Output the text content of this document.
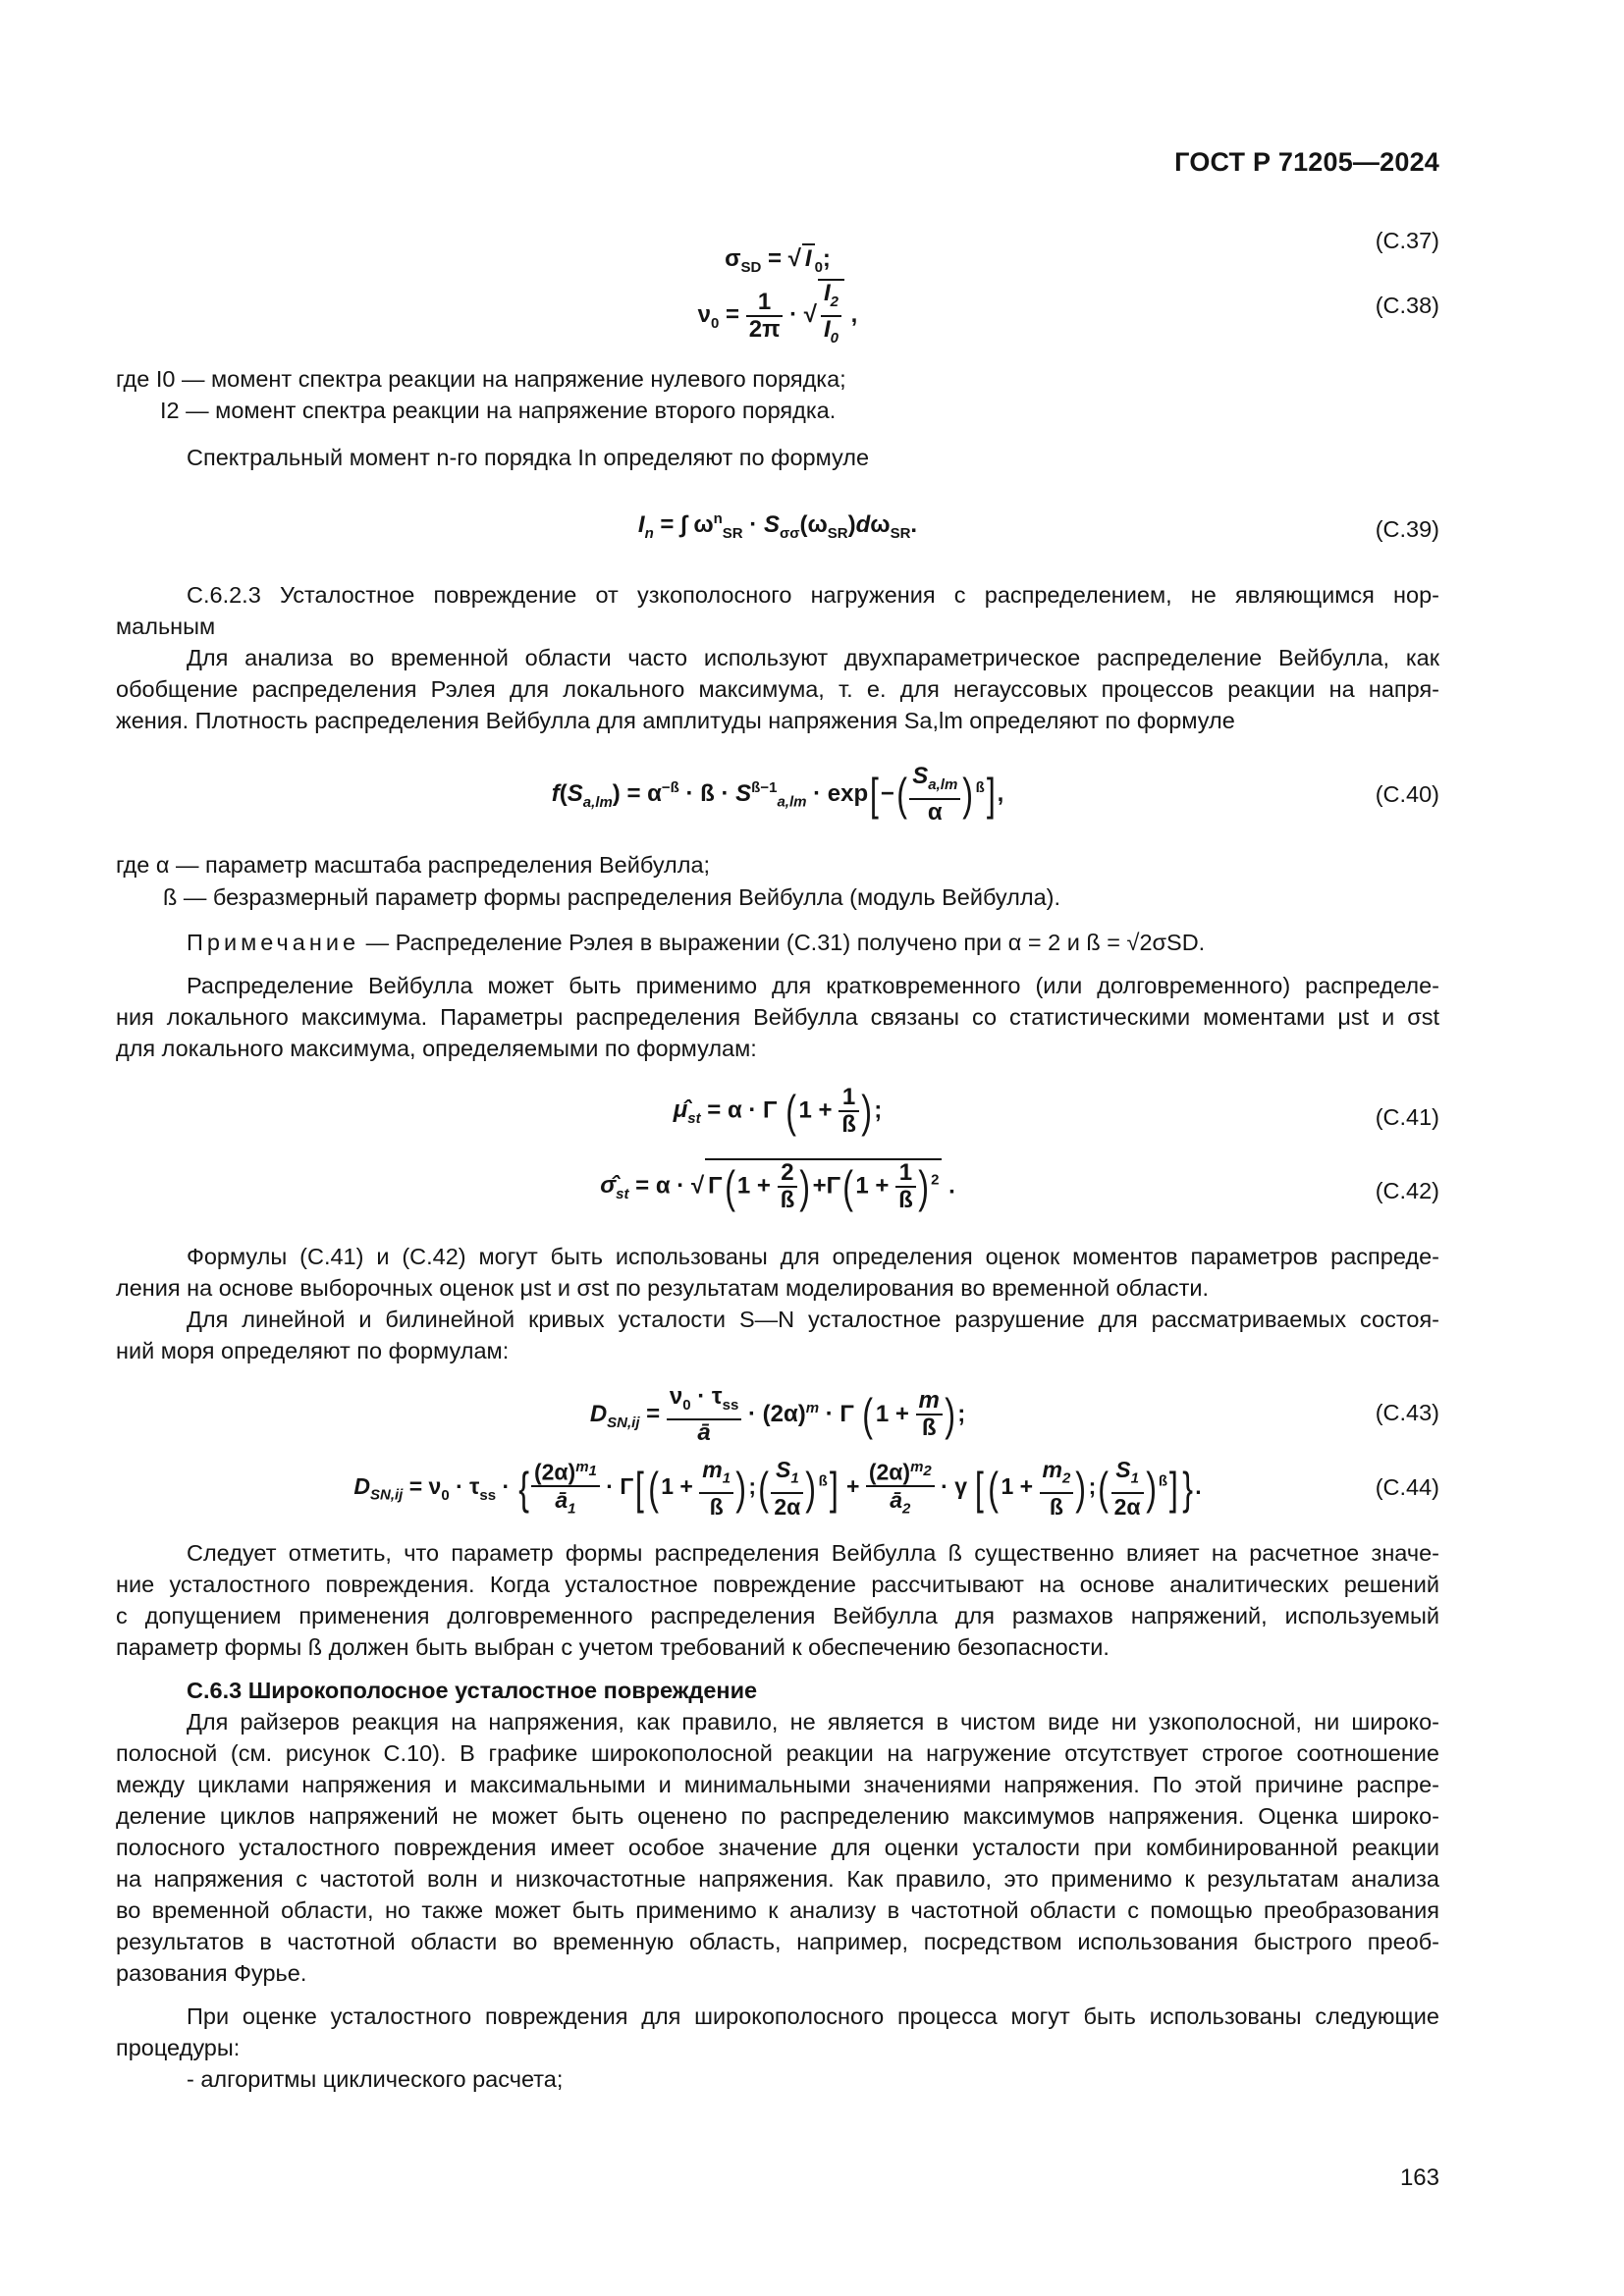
ГОСТ Р 71205—2024
$\sigma_{SD}$ = √ I $_0$;
(C.37)
$\nu_0 = \frac{1}{2\pi}$ · √ $\frac{I_2}{I_0}$ ,	(C.38)
где I0 — момент спектра реакции на напряжение нулевого порядка;
I2 — момент спектра реакции на напряжение второго порядка.
Спектральный момент n-го порядка In определяют по формуле
$I_n$ = ∫ $\omega^n_{SR} \cdot S_{\sigma\sigma}(\omega_{SR})d\omega_{SR}$.	(C.39)
С.6.2.3 Усталостное повреждение от узкополосного нагружения с распределением, не являющимся нор-
мальным
Для анализа во временной области часто используют двухпараметрическое распределение Вейбулла, как
обобщение распределения Рэлея для локального максимума, т. е. для негауссовых процессов реакции на напря-
жения. Плотность распределения Вейбулла для амплитуды напряжения Sa,lm определяют по формуле
$f(S_{a,lm}) = \alpha^{-ß}$ · ß · $S^{ß-1}_{a,lm} \cdot \exp[-( \frac{S_{a,lm}}{\alpha}$ ) $^ß$],	(C.40)
где α — параметр масштаба распределения Вейбулла;
ß — безразмерный параметр формы распределения Вейбулла (модуль Вейбулла).
Примечание — Распределение Рэлея в выражении (C.31) получено при α = 2 и ß = √2σSD.
Распределение Вейбулла может быть применимо для кратковременного (или долговременного) распределе-
ния локального максимума. Параметры распределения Вейбулла связаны со статистическими моментами μst и σst
для локального максимума, определяемыми по формулам:
$\mû_{st} = \alpha \cdot \Gamma$ ($1 + \frac{1}{ß}$ );	(C.41)
$\sigmâ_{st} = \alpha$ · √ $\Gamma(1 + \frac{2}{ß} )+\Gamma(1 + \frac{1}{ß}$ ) $^2$ .	(C.42)
Формулы (C.41) и (C.42) могут быть использованы для определения оценок моментов параметров распреде-
ления на основе выборочных оценок μst и σst по результатам моделирования во временной области.
Для линейной и билинейной кривых усталости S—N усталостное разрушение для рассматриваемых состоя-
ний моря определяют по формулам:
$D_{SN,ij} = \frac{\nu_0 \cdot \tau_{ss}}{ā} \cdot (2\alpha)^m \cdot \Gamma$ ($1 + \frac{m}{ß}$ );	(C.43)
$D_{SN,ij} = \nu_0 \cdot \tau_{ss}$ · { $\frac{(2\alpha)^{m_1}}{ā_1} \cdot \Gamma[(1 + \frac{m_1}{ß}$ );( $\frac{S_1}{2\alpha}$ ) $^ß] + \frac{(2\alpha)^{m_2}}{ā_2} \cdot \gamma$ [($1 + \frac{m_2}{ß}$ );( $\frac{S_1}{2\alpha}$ ) $^ß$]} .	(C.44)
Следует отметить, что параметр формы распределения Вейбулла ß существенно влияет на расчетное значе-
ние усталостного повреждения. Когда усталостное повреждение рассчитывают на основе аналитических решений
с допущением применения долговременного распределения Вейбулла для размахов напряжений, используемый
параметр формы ß должен быть выбран с учетом требований к обеспечению безопасности.
C.6.3 Широкополосное усталостное повреждение
Для райзеров реакция на напряжения, как правило, не является в чистом виде ни узкополосной, ни широко-
полосной (см. рисунок C.10). В графике широкополосной реакции на нагружение отсутствует строгое соотношение
между циклами напряжения и максимальными и минимальными значениями напряжения. По этой причине распре-
деление циклов напряжений не может быть оценено по распределению максимумов напряжения. Оценка широко-
полосного усталостного повреждения имеет особое значение для оценки усталости при комбинированной реакции
на напряжения с частотой волн и низкочастотные напряжения. Как правило, это применимо к результатам анализа
во временной области, но также может быть применимо к анализу в частотной области с помощью преобразования
результатов в частотной области во временную область, например, посредством использования быстрого преоб-
разования Фурье.
При оценке усталостного повреждения для широкополосного процесса могут быть использованы следующие
процедуры:
- алгоритмы циклического расчета;
163
